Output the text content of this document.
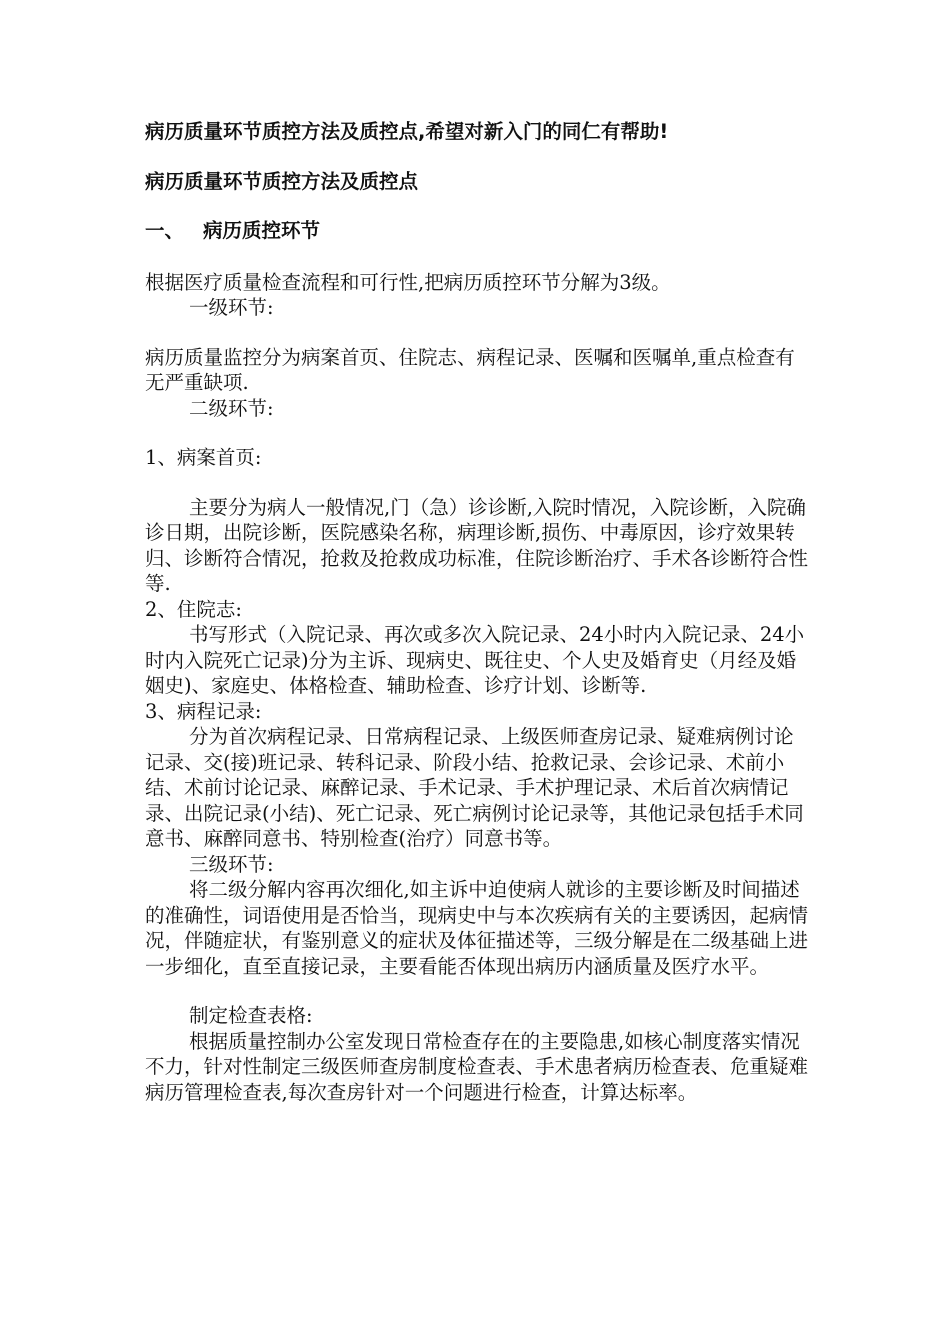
病历质量环节质控方法及质控点,希望对新入门的同仁有帮助!

病历质量环节质控方法及质控点

一、 病历质控环节

根据医疗质量检查流程和可行性,把病历质控环节分解为3级。

一级环节:

病历质量监控分为病案首页、住院志、病程记录、医嘱和医嘱单,重点检查有无严重缺项.

二级环节:

1、病案首页:

主要分为病人一般情况,门（急）诊诊断,入院时情况，入院诊断，入院确诊日期，出院诊断，医院感染名称，病理诊断,损伤、中毒原因，诊疗效果转归、诊断符合情况，抢救及抢救成功标准，住院诊断治疗、手术各诊断符合性等.

2、住院志:

书写形式（入院记录、再次或多次入院记录、24小时内入院记录、24小时内入院死亡记录)分为主诉、现病史、既往史、个人史及婚育史（月经及婚姻史)、家庭史、体格检查、辅助检查、诊疗计划、诊断等.

3、病程记录:

分为首次病程记录、日常病程记录、上级医师查房记录、疑难病例讨论记录、交(接)班记录、转科记录、阶段小结、抢救记录、会诊记录、术前小结、术前讨论记录、麻醉记录、手术记录、手术护理记录、术后首次病情记录、出院记录(小结)、死亡记录、死亡病例讨论记录等，其他记录包括手术同意书、麻醉同意书、特别检查(治疗）同意书等。

三级环节:

将二级分解内容再次细化,如主诉中迫使病人就诊的主要诊断及时间描述的准确性，词语使用是否恰当，现病史中与本次疾病有关的主要诱因，起病情况，伴随症状，有鉴别意义的症状及体征描述等，三级分解是在二级基础上进一步细化，直至直接记录，主要看能否体现出病历内涵质量及医疗水平。

制定检查表格:

根据质量控制办公室发现日常检查存在的主要隐患,如核心制度落实情况不力，针对性制定三级医师查房制度检查表、手术患者病历检查表、危重疑难病历管理检查表,每次查房针对一个问题进行检查，计算达标率。
